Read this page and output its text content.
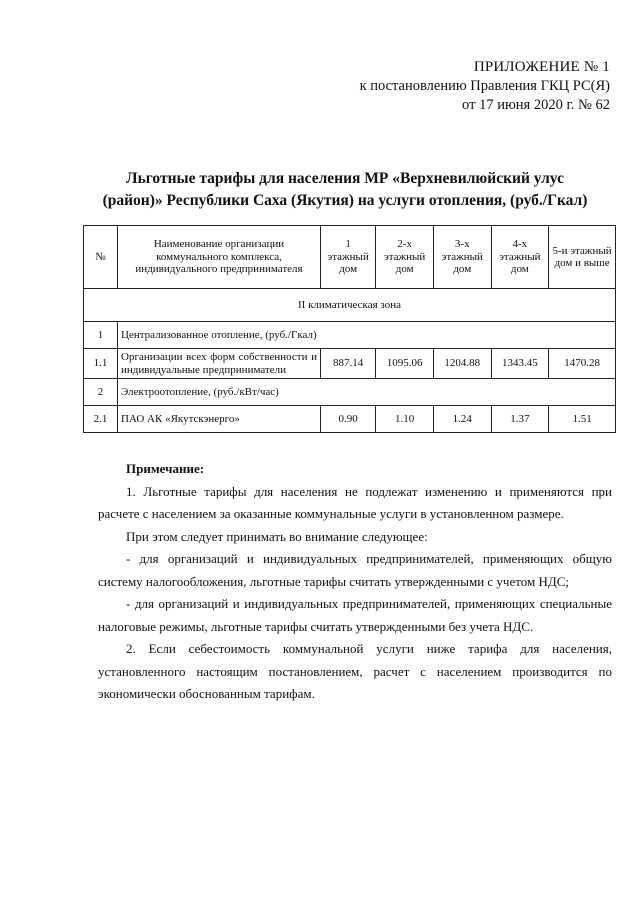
ПРИЛОЖЕНИЕ № 1
к постановлению Правления ГКЦ РС(Я)
от 17 июня 2020 г. № 62
Льготные тарифы для населения МР «Верхневилюйский улус
(район)» Республики Саха (Якутия) на услуги отопления, (руб./Гкал)
№	Наименование организации коммунального комплекса, индивидуального предпринимателя	1 этажный дом	2-х этажный дом	3-х этажный дом	4-х этажный дом	5-и этажный дом и выше
II климатическая зона						
1	Централизованное отопление, (руб./Гкал)					
1.1	Организации всех форм собственности и индивидуальные предприниматели	887.14	1095.06	1204.88	1343.45	1470.28
2	Электроотопление, (руб./кВт/час)					
2.1	ПАО АК «Якутскэнерго»	0.90	1.10	1.24	1.37	1.51

Примечание:

1. Льготные тарифы для населения не подлежат изменению и применяются при расчете с населением за оказанные коммунальные услуги в установленном размере.

При этом следует принимать во внимание следующее:

- для организаций и индивидуальных предпринимателей, применяющих общую систему налогообложения, льготные тарифы считать утвержденными с учетом НДС;

- для организаций и индивидуальных предпринимателей, применяющих специальные налоговые режимы, льготные тарифы считать утвержденными без учета НДС.

2. Если себестоимость коммунальной услуги ниже тарифа для населения, установленного настоящим постановлением, расчет с населением производится по экономически обоснованным тарифам.
